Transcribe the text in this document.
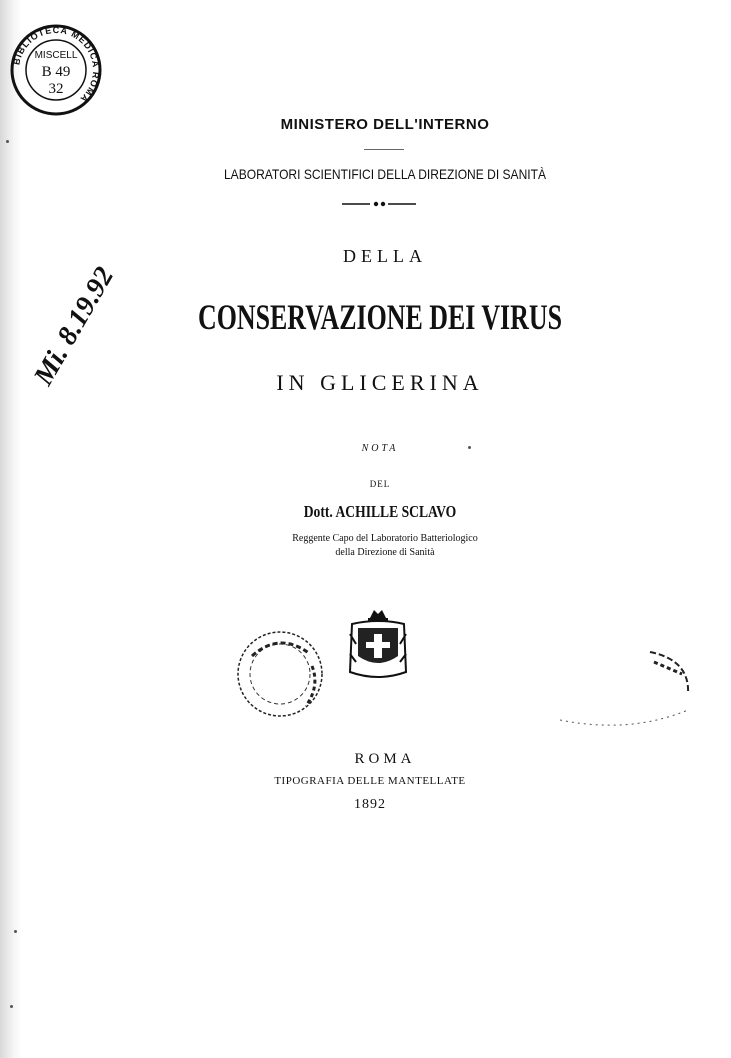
BIBLIOTECA MEDICA ROMA
MISCELL
B 49
32
Mi. 8.19.92
MINISTERO DELL'INTERNO
LABORATORI SCIENTIFICI DELLA DIREZIONE DI SANITÀ
DELLA
CONSERVAZIONE DEI VIRUS
IN GLICERINA
NOTA
DEL
Dott. ACHILLE SCLAVO
Reggente Capo del Laboratorio Batteriologico
della Direzione di Sanità
ROMA
TIPOGRAFIA DELLE MANTELLATE
1892
